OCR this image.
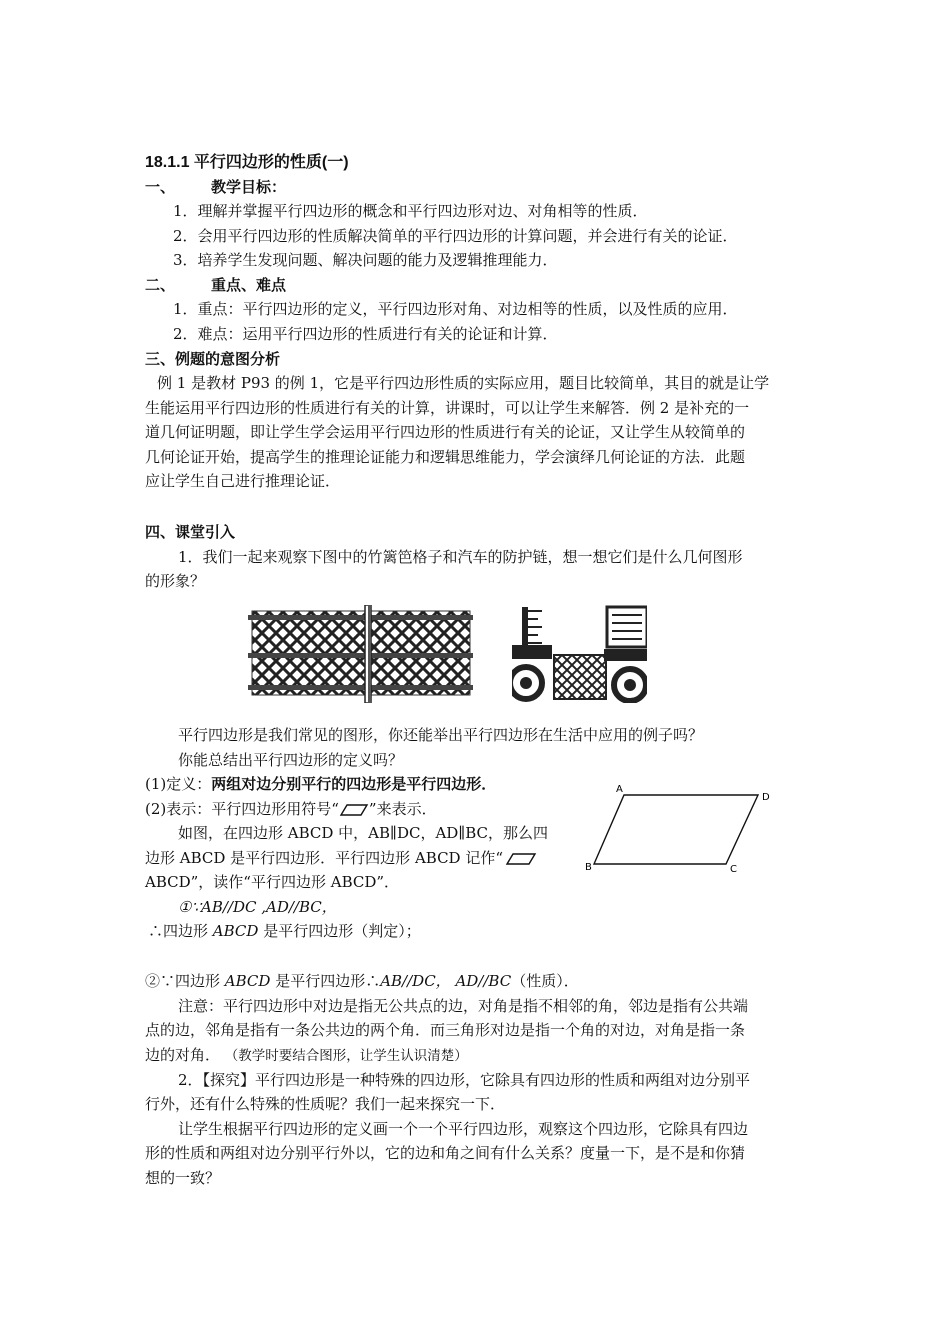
18.1.1 平行四边形的性质(一)
一、 教学目标：
1．理解并掌握平行四边形的概念和平行四边形对边、对角相等的性质．
2．会用平行四边形的性质解决简单的平行四边形的计算问题，并会进行有关的论证．
3．培养学生发现问题、解决问题的能力及逻辑推理能力．
二、 重点、难点
1．重点：平行四边形的定义，平行四边形对角、对边相等的性质，以及性质的应用．
2．难点：运用平行四边形的性质进行有关的论证和计算．
三、例题的意图分析
例 1 是教材 P93 的例 1，它是平行四边形性质的实际应用，题目比较简单，其目的就是让学
生能运用平行四边形的性质进行有关的计算，讲课时，可以让学生来解答．例 2 是补充的一
道几何证明题，即让学生学会运用平行四边形的性质进行有关的论证，又让学生从较简单的
几何论证开始，提高学生的推理论证能力和逻辑思维能力，学会演绎几何论证的方法．此题
应让学生自己进行推理论证．
四、课堂引入
1．我们一起来观察下图中的竹篱笆格子和汽车的防护链，想一想它们是什么几何图形
的形象？
平行四边形是我们常见的图形，你还能举出平行四边形在生活中应用的例子吗？
你能总结出平行四边形的定义吗？
(1)定义：两组对边分别平行的四边形是平行四边形．
(2)表示：平行四边形用符号“ ”来表示．
如图，在四边形 ABCD 中，AB∥DC，AD∥BC，那么四
边形 ABCD 是平行四边形．平行四边形 ABCD 记作“
ABCD”，读作“平行四边形 ABCD”．
A
D
B	C
①∵AB//DC ,AD//BC，
∴四边形 ABCD 是平行四边形（判定）；
②∵四边形 ABCD 是平行四边形∴AB//DC， AD//BC（性质）．
注意：平行四边形中对边是指无公共点的边，对角是指不相邻的角，邻边是指有公共端
点的边，邻角是指有一条公共边的两个角．而三角形对边是指一个角的对边，对角是指一条
边的对角． （教学时要结合图形，让学生认识清楚）
2．【探究】平行四边形是一种特殊的四边形，它除具有四边形的性质和两组对边分别平
行外，还有什么特殊的性质呢？我们一起来探究一下．
让学生根据平行四边形的定义画一个一个平行四边形，观察这个四边形，它除具有四边
形的性质和两组对边分别平行外以，它的边和角之间有什么关系？度量一下，是不是和你猜
想的一致？
